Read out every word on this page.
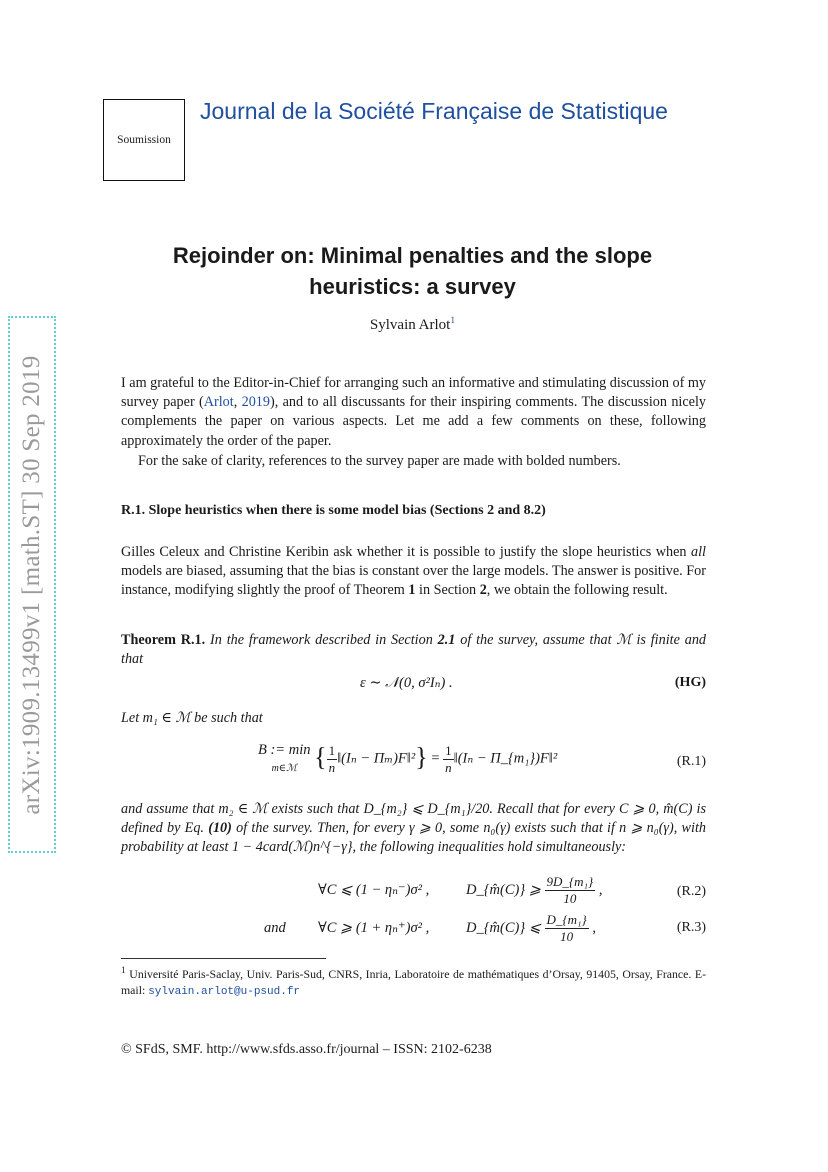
Soumission
Journal de la Société Française de Statistique
arXiv:1909.13499v1 [math.ST] 30 Sep 2019
Rejoinder on: Minimal penalties and the slope
heuristics: a survey
Sylvain Arlot$^1$

I am grateful to the Editor-in-Chief for arranging such an informative and stimulating discussion of my survey paper (Arlot, 2019), and to all discussants for their inspiring comments. The discussion nicely complements the paper on various aspects. Let me add a few comments on these, following approximately the order of the paper.

For the sake of clarity, references to the survey paper are made with bolded numbers.

R.1. Slope heuristics when there is some model bias (Sections 2 and 8.2)

Gilles Celeux and Christine Keribin ask whether it is possible to justify the slope heuristics when all models are biased, assuming that the bias is constant over the large models. The answer is positive. For instance, modifying slightly the proof of Theorem 1 in Section 2, we obtain the following result.

Theorem R.1. In the framework described in Section 2.1 of the survey, assume that ℳ is finite and that

ε ∼ 𝒩(0, σ²Iₙ) .	(HG)

Let m₁ ∈ ℳ be such that

B := min
m∈ℳ { $\frac{1}{n}$ ‖(Iₙ − Πₘ)F‖²} = $\frac{1}{n}$ ‖(Iₙ − Π_{m₁})F‖²	(R.1)

and assume that m₂ ∈ ℳ exists such that D_{m₂} ⩽ D_{m₁}/20. Recall that for every C ⩾ 0, m̂(C) is defined by Eq. (10) of the survey. Then, for every γ ⩾ 0, some n₀(γ) exists such that if n ⩾ n₀(γ), with probability at least 1 − 4card(ℳ)n^{−γ}, the following inequalities hold simultaneously:

∀C ⩽ (1 − ηₙ⁻)σ² ,	D_{m̂(C)} ⩾ $\frac{\text{9D\_\{m₁\}}}{10}$ ,	(R.2)
and ∀C ⩾ (1 + ηₙ⁺)σ² ,	D_{m̂(C)} ⩽ $\frac{\text{D\_\{m₁\}}}{10}$ ,	(R.3)
$^1$ Université Paris-Saclay, Univ. Paris-Sud, CNRS, Inria, Laboratoire de mathématiques d’Orsay, 91405, Orsay, France. E-mail: sylvain.arlot@u-psud.fr
© SFdS, SMF. http://www.sfds.asso.fr/journal – ISSN: 2102-6238
